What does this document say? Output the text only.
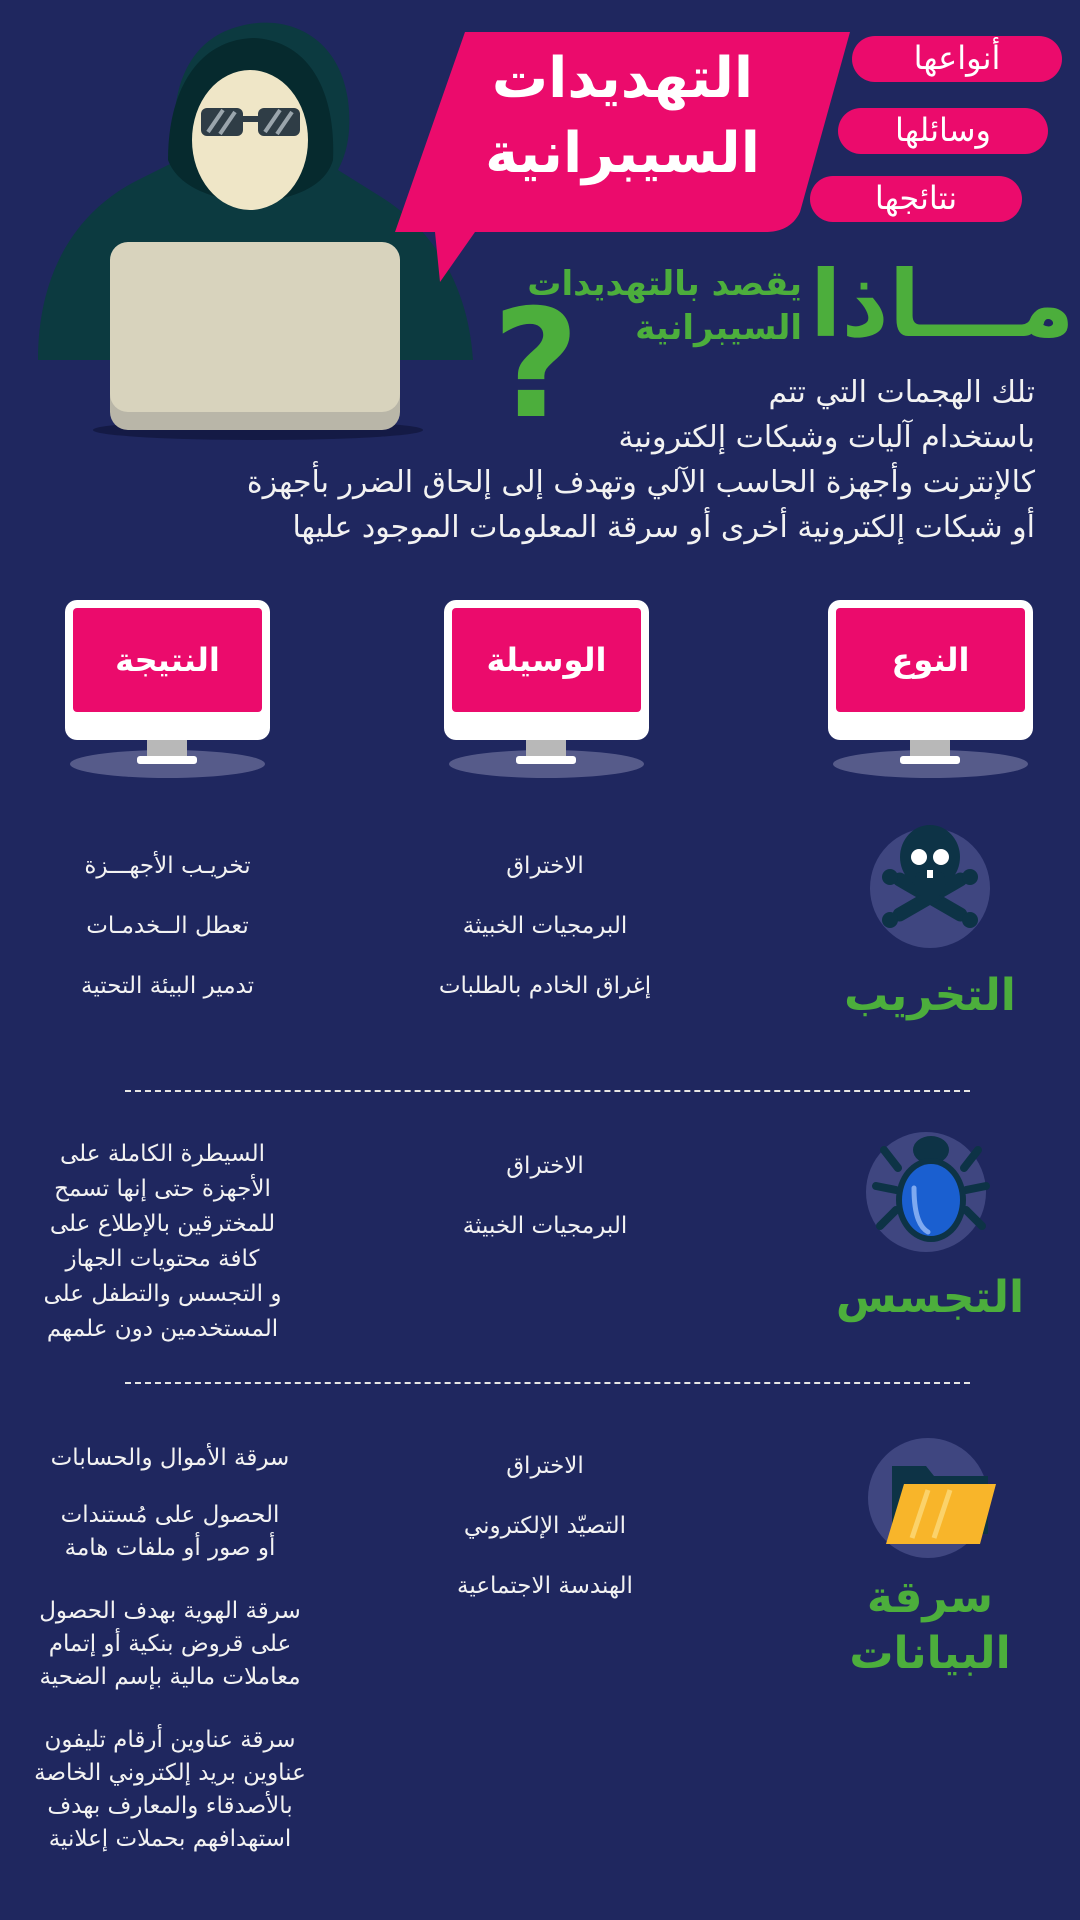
التهديدات
السيبرانية
أنواعها
وسائلها
نتائجها
مـــاذا
يقصد بالتهديدات
السيبرانية
؟	تلك الهجمات التي تتم
باستخدام آليات وشبكات إلكترونية
كالإنترنت وأجهزة الحاسب الآلي وتهدف إلى إلحاق الضرر بأجهزة
أو شبكات إلكترونية أخرى أو سرقة المعلومات الموجود عليها
النوع
الوسيلة
النتيجة
التخريب

الاختراق

البرمجيات الخبيثة

إغراق الخادم بالطلبات

تخريـب الأجهـــزة

تعطل الــخدمـات

تدمير البيئة التحتية

التجسس

الاختراق

البرمجيات الخبيثة

السيطرة الكاملة على

الأجهزة حتى إنها تسمح

للمخترقين بالإطلاع على

كافة محتويات الجهاز

و التجسس والتطفل على

المستخدمين دون علمهم

سرقة
البيانات

الاختراق

التصيّد الإلكتروني

الهندسة الاجتماعية

سرقة الأموال والحسابات

الحصول على مُستندات

أو صور أو ملفات هامة

سرقة الهوية بهدف الحصول

على قروض بنكية أو إتمام

معاملات مالية بإسم الضحية

سرقة عناوين أرقام تليفون

عناوين بريد إلكتروني الخاصة

بالأصدقاء والمعارف بهدف

استهدافهم بحملات إعلانية
